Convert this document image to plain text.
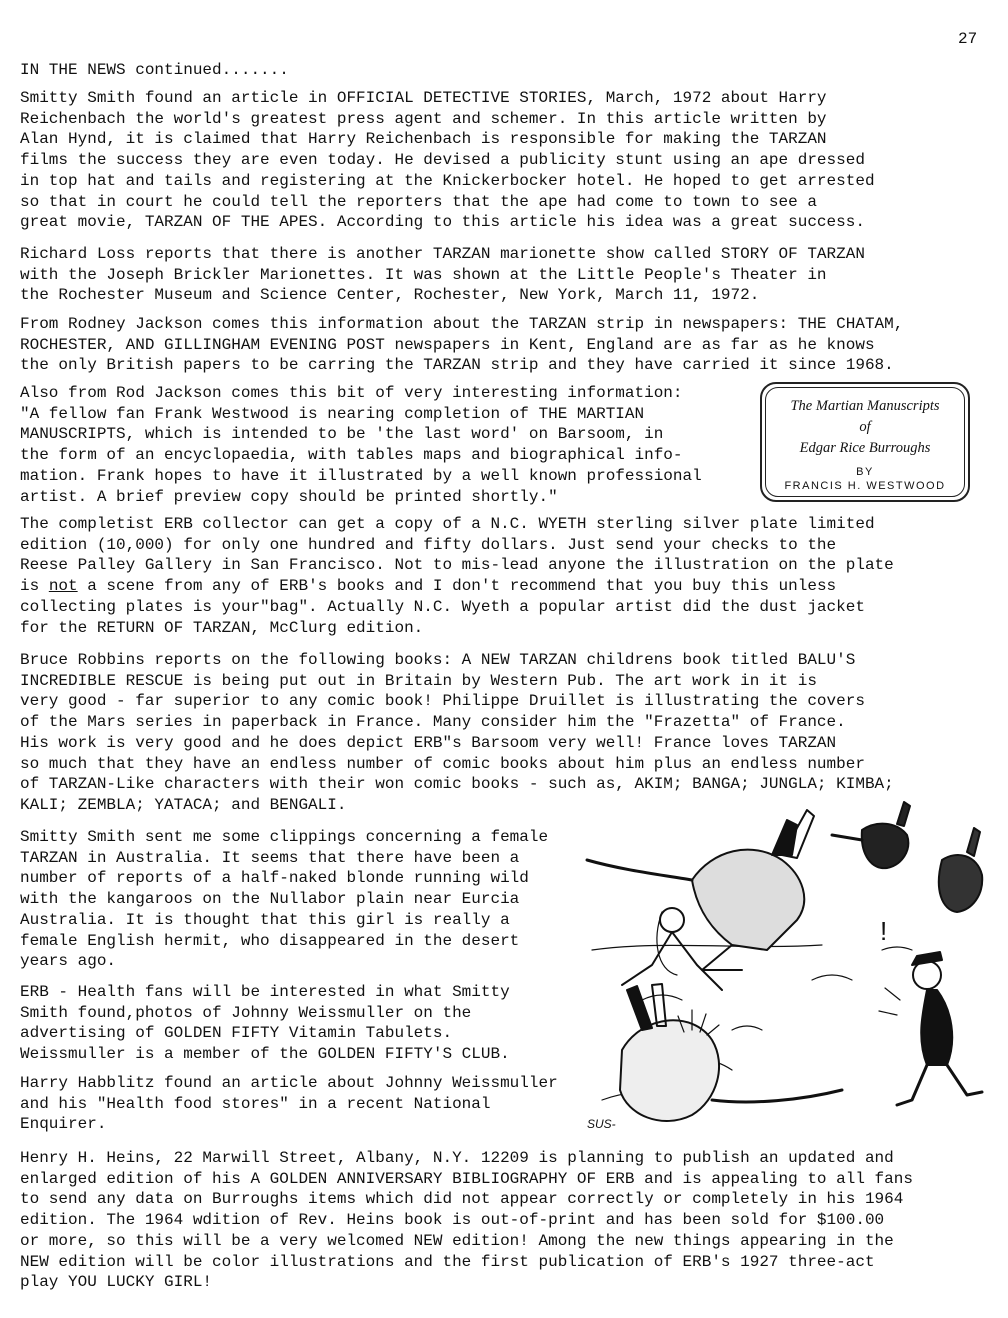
27

IN THE NEWS continued.......

Smitty Smith found an article in OFFICIAL DETECTIVE STORIES, March, 1972 about Harry
Reichenbach the world's greatest press agent and schemer. In this article written by
Alan Hynd, it is claimed that Harry Reichenbach is responsible for making the TARZAN
films the success they are even today. He devised a publicity stunt using an ape dressed
in top hat and tails and registering at the Knickerbocker hotel. He hoped to get arrested
so that in court he could tell the reporters that the ape had come to town to see a
great movie, TARZAN OF THE APES. According to this article his idea was a great success.

Richard Loss reports that there is another TARZAN marionette show called STORY OF TARZAN
with the Joseph Brickler Marionettes. It was shown at the Little People's Theater in
the Rochester Museum and Science Center, Rochester, New York, March 11, 1972.

From Rodney Jackson comes this information about the TARZAN strip in newspapers: THE CHATAM,
ROCHESTER, AND GILLINGHAM EVENING POST newspapers in Kent, England are as far as he knows
the only British papers to be carring the TARZAN strip and they have carried it since 1968.

Also from Rod Jackson comes this bit of very interesting information:
"A fellow fan Frank Westwood is nearing completion of THE MARTIAN
MANUSCRIPTS, which is intended to be 'the last word' on Barsoom, in
the form of an encyclopaedia, with tables maps and biographical info-
mation. Frank hopes to have it illustrated by a well known professional
artist. A brief preview copy should be printed shortly."

The Martian Manuscripts
of
Edgar Rice Burroughs
BY
FRANCIS H. WESTWOOD

The completist ERB collector can get a copy of a N.C. WYETH sterling silver plate limited
edition (10,000) for only one hundred and fifty dollars. Just send your checks to the
Reese Palley Gallery in San Francisco. Not to mis-lead anyone the illustration on the plate
is not a scene from any of ERB's books and I don't recommend that you buy this unless
collecting plates is your"bag". Actually N.C. Wyeth a popular artist did the dust jacket
for the RETURN OF TARZAN, McClurg edition.

Bruce Robbins reports on the following books: A NEW TARZAN childrens book titled BALU'S
INCREDIBLE RESCUE is being put out in Britain by Western Pub. The art work in it is
very good - far superior to any comic book! Philippe Druillet is illustrating the covers
of the Mars series in paperback in France. Many consider him the "Frazetta" of France.
His work is very good and he does depict ERB"s Barsoom very well! France loves TARZAN
so much that they have an endless number of comic books about him plus an endless number
of TARZAN-Like characters with their won comic books - such as, AKIM; BANGA; JUNGLA; KIMBA;
KALI; ZEMBLA; YATACA; and BENGALI.

Smitty Smith sent me some clippings concerning a female
TARZAN in Australia. It seems that there have been a
number of reports of a half-naked blonde running wild
with the kangaroos on the Nullabor plain near Eurcia
Australia. It is thought that this girl is really a
female English hermit, who disappeared in the desert
years ago.

ERB - Health fans will be interested in what Smitty
Smith found,photos of Johnny Weissmuller on the
advertising of GOLDEN FIFTY Vitamin Tabulets.
Weissmuller is a member of the GOLDEN FIFTY'S CLUB.

Harry Habblitz found an article about Johnny Weissmuller
and his "Health food stores" in a recent National
Enquirer.

Henry H. Heins, 22 Marwill Street, Albany, N.Y. 12209 is planning to publish an updated and
enlarged edition of his A GOLDEN ANNIVERSARY BIBLIOGRAPHY OF ERB and is appealing to all fans
to send any data on Burroughs items which did not appear correctly or completely in his 1964
edition. The 1964 wdition of Rev. Heins book is out-of-print and has been sold for $100.00
or more, so this will be a very welcomed NEW edition! Among the new things appearing in the
NEW edition will be color illustrations and the first publication of ERB's 1927 three-act
play YOU LUCKY GIRL!

!
SUS-
